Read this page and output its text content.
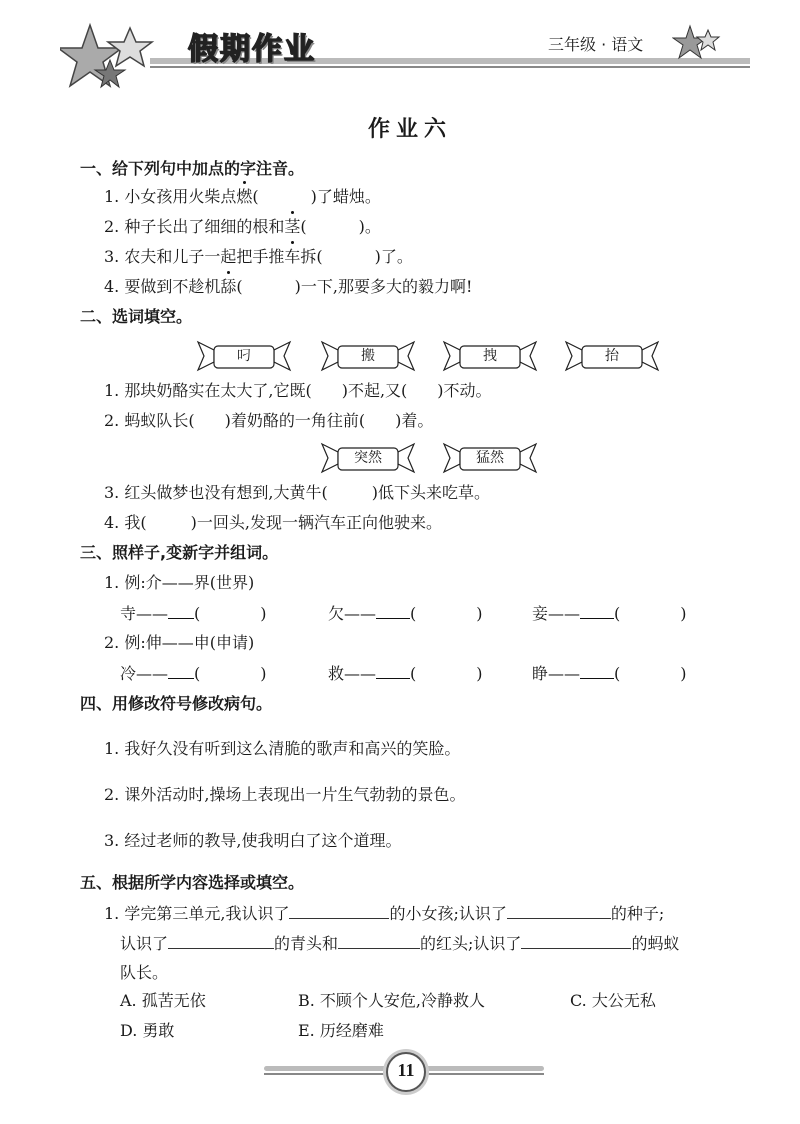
假期作业	三年级 · 语文
作业六
一、给下列句中加点的字注音。
1. 小女孩用火柴点燃(	)了蜡烛。
2. 种子长出了细细的根和茎(	)。
3. 农夫和儿子一起把手推车拆(	)了。
4. 要做到不趁机舔(	)一下,那要多大的毅力啊!
二、选词填空。
叼	搬	拽	抬
1. 那块奶酪实在太大了,它既( )不起,又( )不动。
2. 蚂蚁队长( )着奶酪的一角往前( )着。
突然	猛然
3. 红头做梦也没有想到,大黄牛(	)低下头来吃草。
4. 我(	)一回头,发现一辆汽车正向他驶来。
三、照样子,变新字并组词。
1. 例:介——界(世界)
寺—— (	)	欠—— (	)	妾—— (	)
2. 例:伸——申(申请)
冷—— (	)	救—— (	)	睁—— (	)
四、用修改符号修改病句。
1. 我好久没有听到这么清脆的歌声和高兴的笑脸。
2. 课外活动时,操场上表现出一片生气勃勃的景色。
3. 经过老师的教导,使我明白了这个道理。
五、根据所学内容选择或填空。
1. 学完第三单元,我认识了	的小女孩;认识了	的种子;
认识了	的青头和	的红头;认识了	的蚂蚁
队长。
A. 孤苦无依	B. 不顾个人安危,冷静救人	C. 大公无私
D. 勇敢	E. 历经磨难
11
